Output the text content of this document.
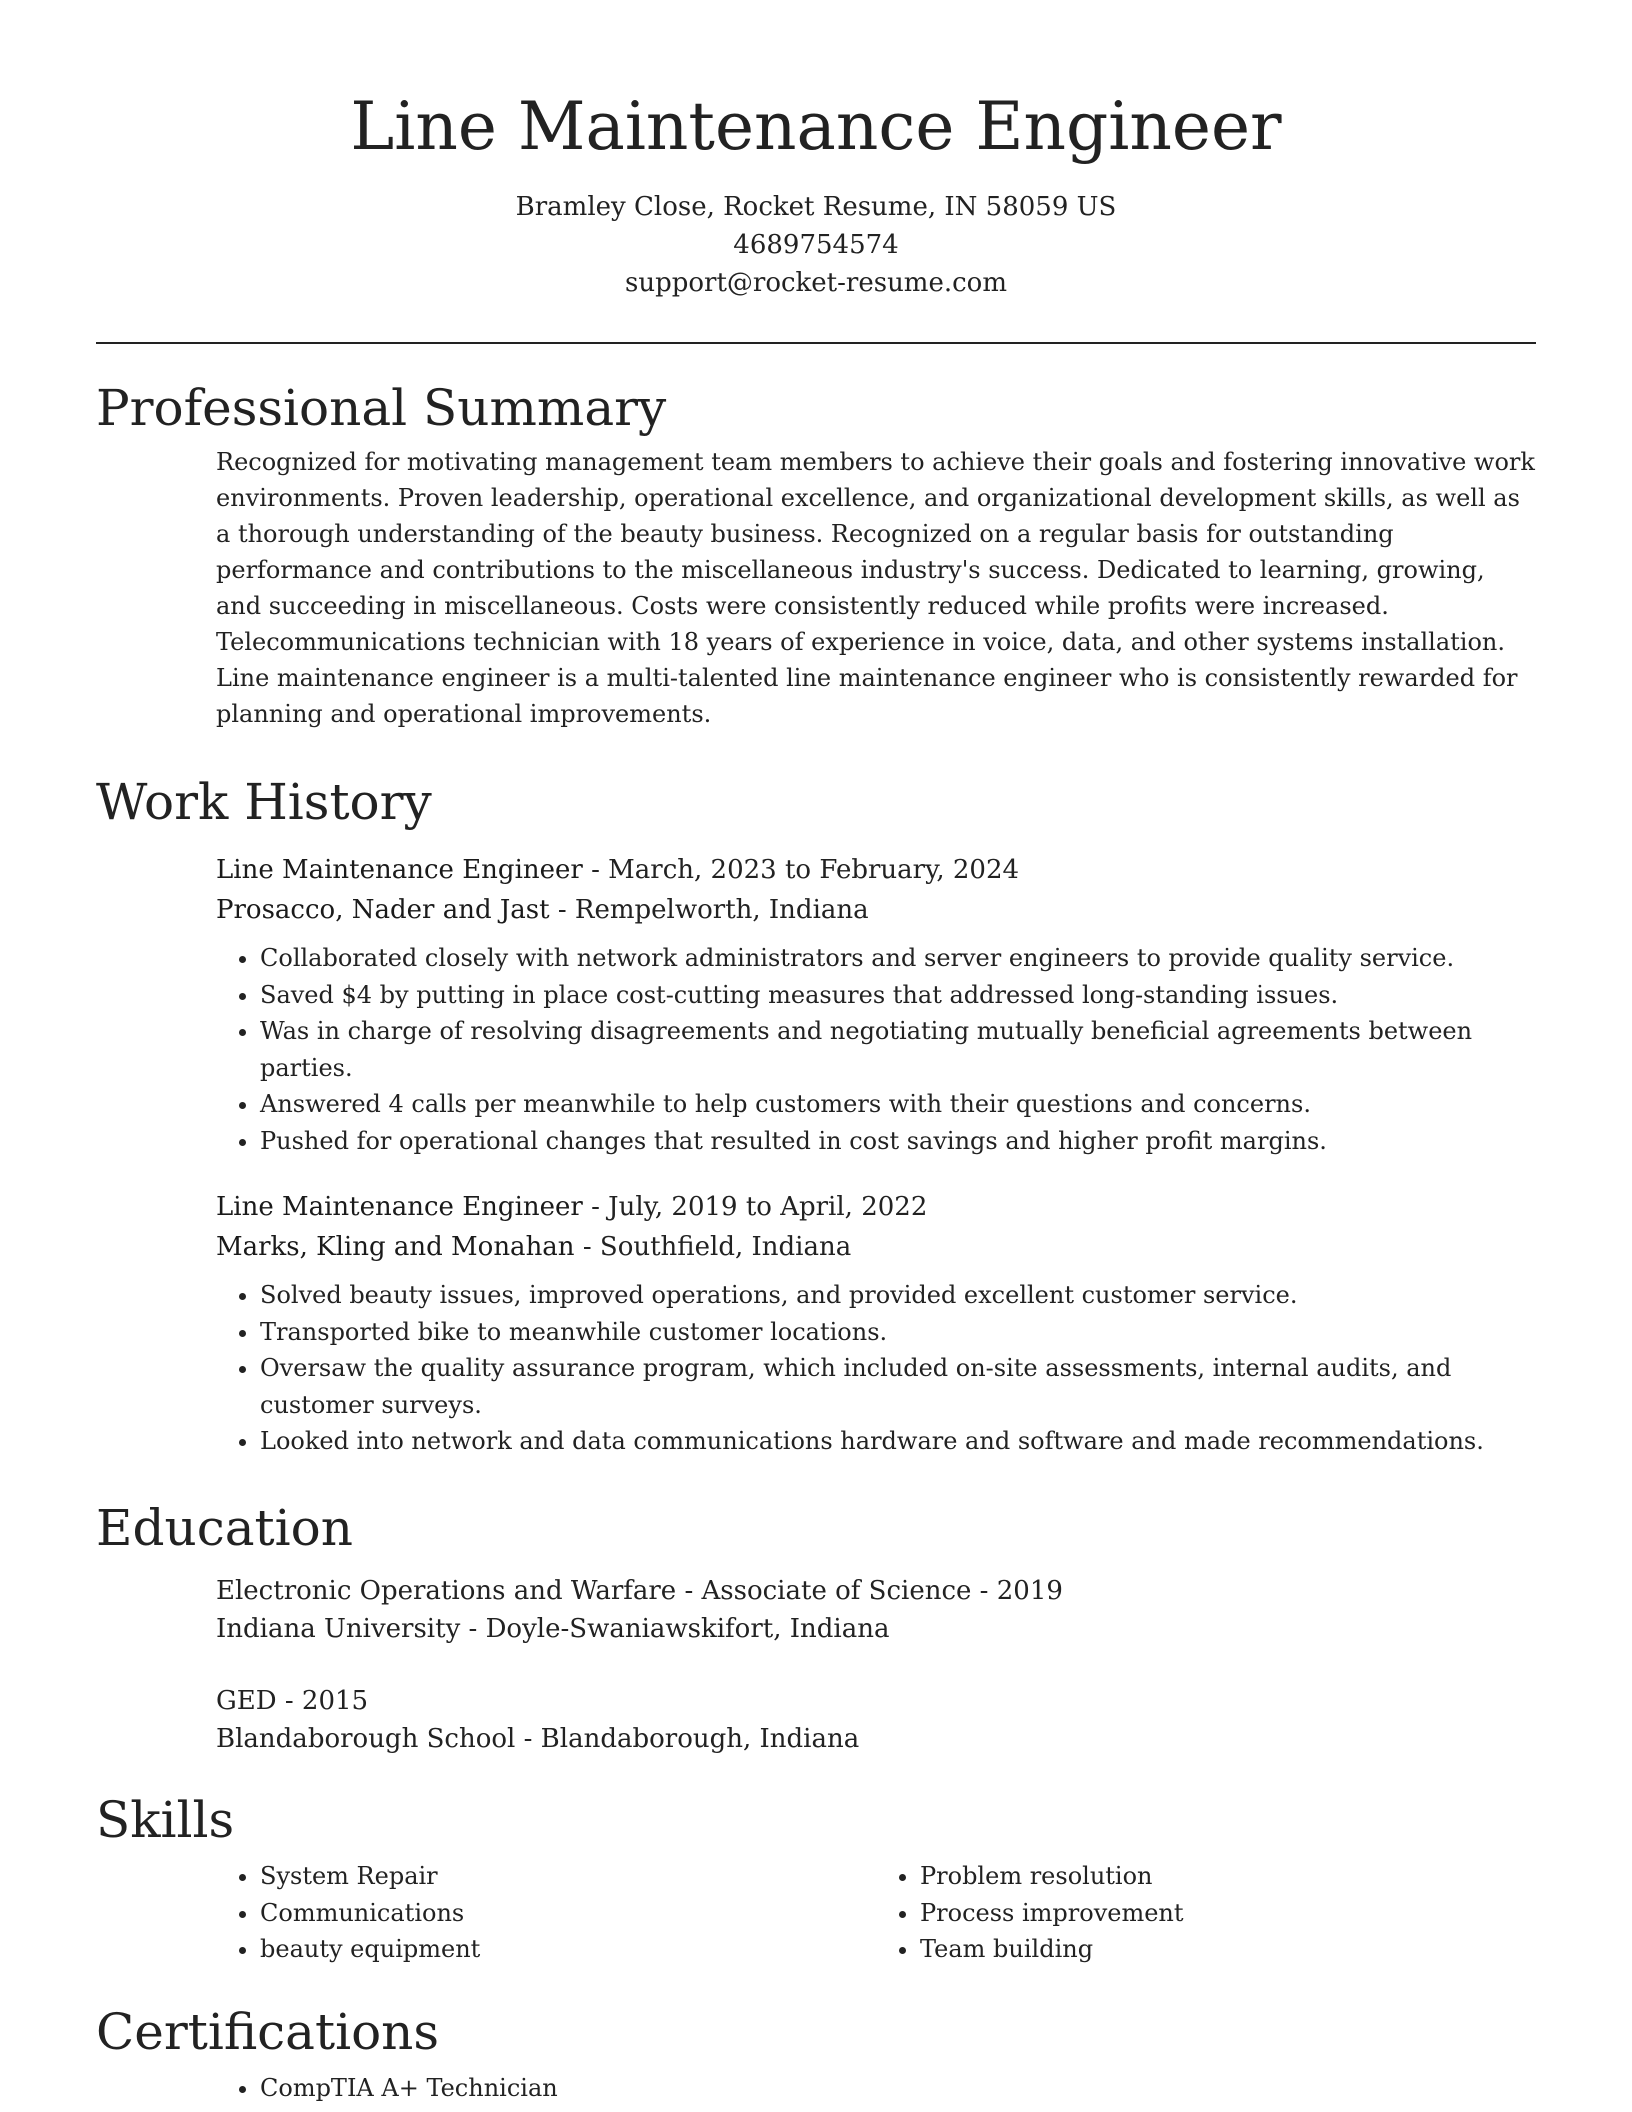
Line Maintenance Engineer
Bramley Close, Rocket Resume, IN 58059 US
4689754574
support@rocket-resume.com
Professional Summary

Recognized for motivating management team members to achieve their goals and fostering innovative work environments. Proven leadership, operational excellence, and organizational development skills, as well as a thorough understanding of the beauty business. Recognized on a regular basis for outstanding performance and contributions to the miscellaneous industry's success. Dedicated to learning, growing, and succeeding in miscellaneous. Costs were consistently reduced while profits were increased. Telecommunications technician with 18 years of experience in voice, data, and other systems installation. Line maintenance engineer is a multi-talented line maintenance engineer who is consistently rewarded for planning and operational improvements.

Work History
Line Maintenance Engineer - March, 2023 to February, 2024
Prosacco, Nader and Jast - Rempelworth, Indiana
• Collaborated closely with network administrators and server engineers to provide quality service.
• Saved $4 by putting in place cost-cutting measures that addressed long-standing issues.
• Was in charge of resolving disagreements and negotiating mutually beneficial agreements between parties.
• Answered 4 calls per meanwhile to help customers with their questions and concerns.
• Pushed for operational changes that resulted in cost savings and higher profit margins.
Line Maintenance Engineer - July, 2019 to April, 2022
Marks, Kling and Monahan - Southfield, Indiana
• Solved beauty issues, improved operations, and provided excellent customer service.
• Transported bike to meanwhile customer locations.
• Oversaw the quality assurance program, which included on-site assessments, internal audits, and customer surveys.
• Looked into network and data communications hardware and software and made recommendations.
Education
Electronic Operations and Warfare - Associate of Science - 2019
Indiana University - Doyle-Swaniawskifort, Indiana
GED - 2015
Blandaborough School - Blandaborough, Indiana
Skills
• System Repair
• Communications
• beauty equipment
• Problem resolution
• Process improvement
• Team building
Certifications
• CompTIA A+ Technician
